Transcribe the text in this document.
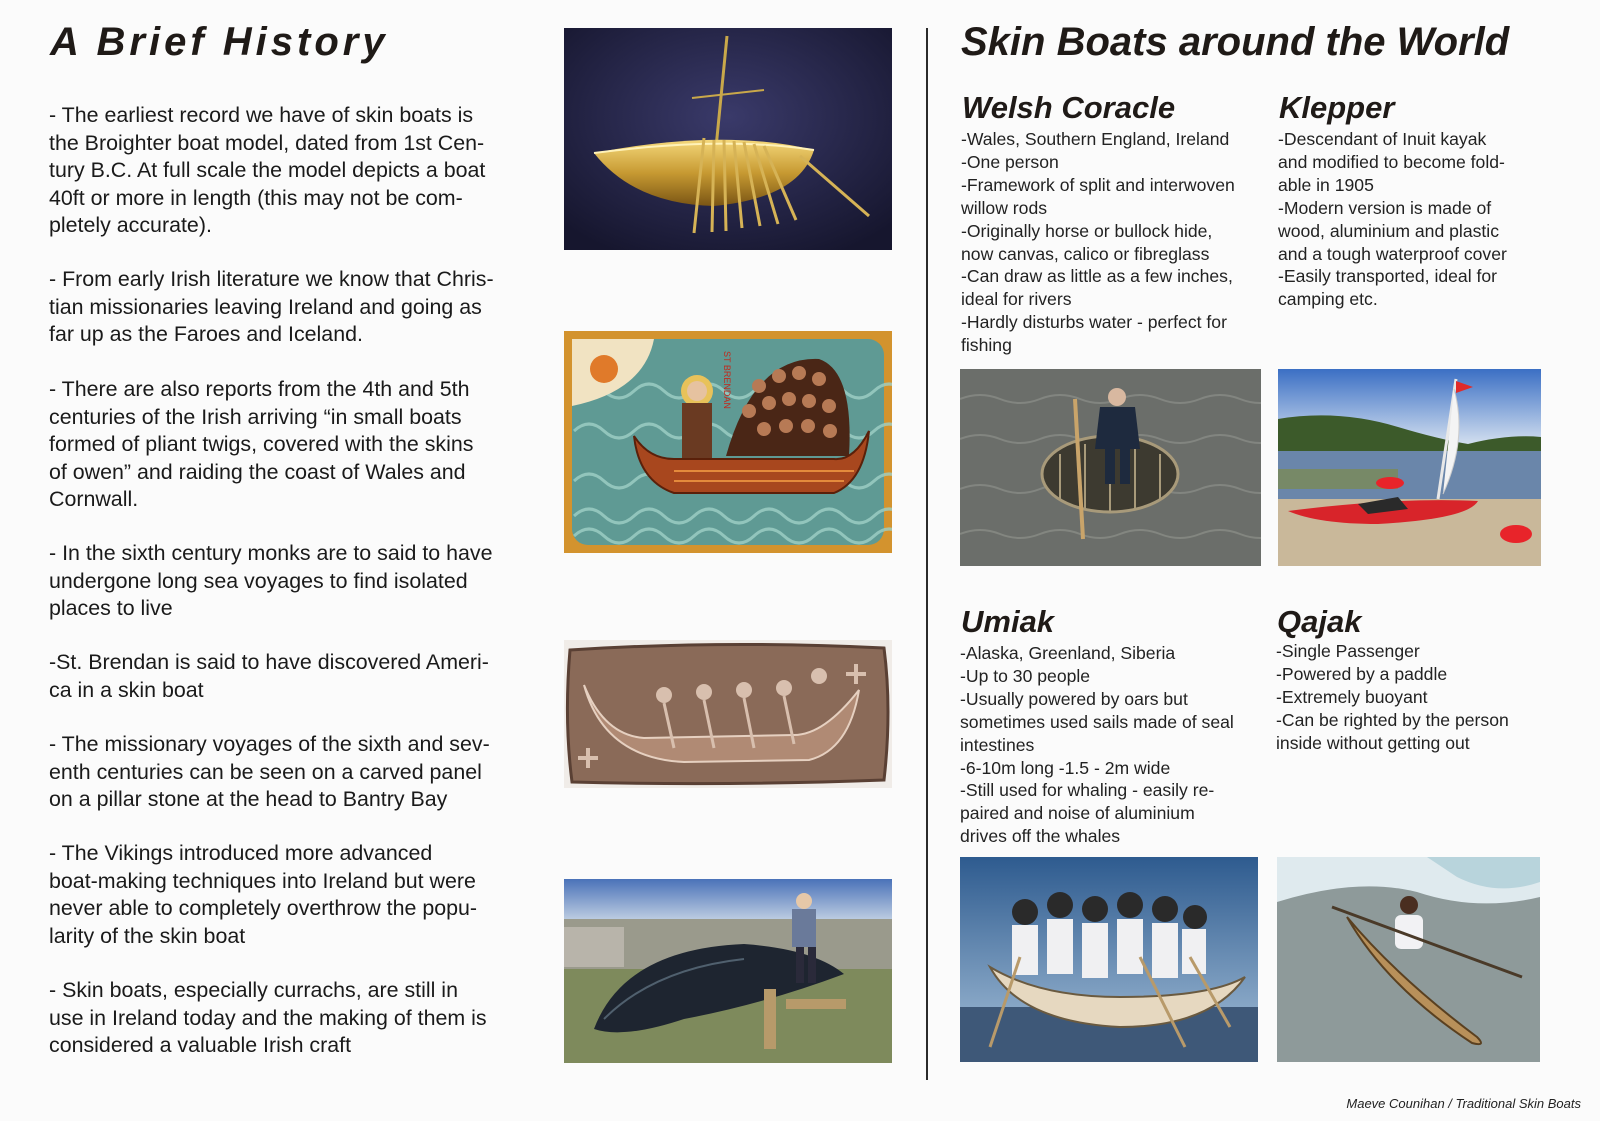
A Brief History

- The earliest record we have of skin boats is
the Broighter boat model, dated from 1st Cen-
tury B.C. At full scale the model depicts a boat
40ft or more in length (this may not be com-
pletely accurate).

- From early Irish literature we know that Chris-
tian missionaries leaving Ireland and going as
far up as the Faroes and Iceland.

- There are also reports from the 4th and 5th
centuries of the Irish arriving “in small boats
formed of pliant twigs, covered with the skins
of owen” and raiding the coast of Wales and
Cornwall.

- In the sixth century monks are to said to have
undergone long sea voyages to find isolated
places to live

-St. Brendan is said to have discovered Ameri-
ca in a skin boat

- The missionary voyages of the sixth and sev-
enth centuries can be seen on a carved panel
on a pillar stone at the head to Bantry Bay

- The Vikings introduced more advanced
boat-making techniques into Ireland but were
never able to completely overthrow the popu-
larity of the skin boat

- Skin boats, especially currachs, are still in
use in Ireland today and the making of them is
considered a valuable Irish craft

ST BRENDAN
Skin Boats around the World
Welsh Coracle

-Wales, Southern England, Ireland
-One person
-Framework of split and interwoven
willow rods
-Originally horse or bullock hide,
now canvas, calico or fibreglass
-Can draw as little as a few inches,
ideal for rivers
-Hardly disturbs water - perfect for
fishing

Klepper

-Descendant of Inuit kayak
and modified to become fold-
able in 1905
-Modern version is made of
wood, aluminium and plastic
and a tough waterproof cover
-Easily transported, ideal for
camping etc.

Umiak

-Alaska, Greenland, Siberia
-Up to 30 people
-Usually powered by oars but
sometimes used sails made of seal
intestines
-6-10m long -1.5 - 2m wide
-Still used for whaling - easily re-
paired and noise of aluminium
drives off the whales

Qajak

-Single Passenger
-Powered by a paddle
-Extremely buoyant
-Can be righted by the person
inside without getting out

Maeve Counihan / Traditional Skin Boats
